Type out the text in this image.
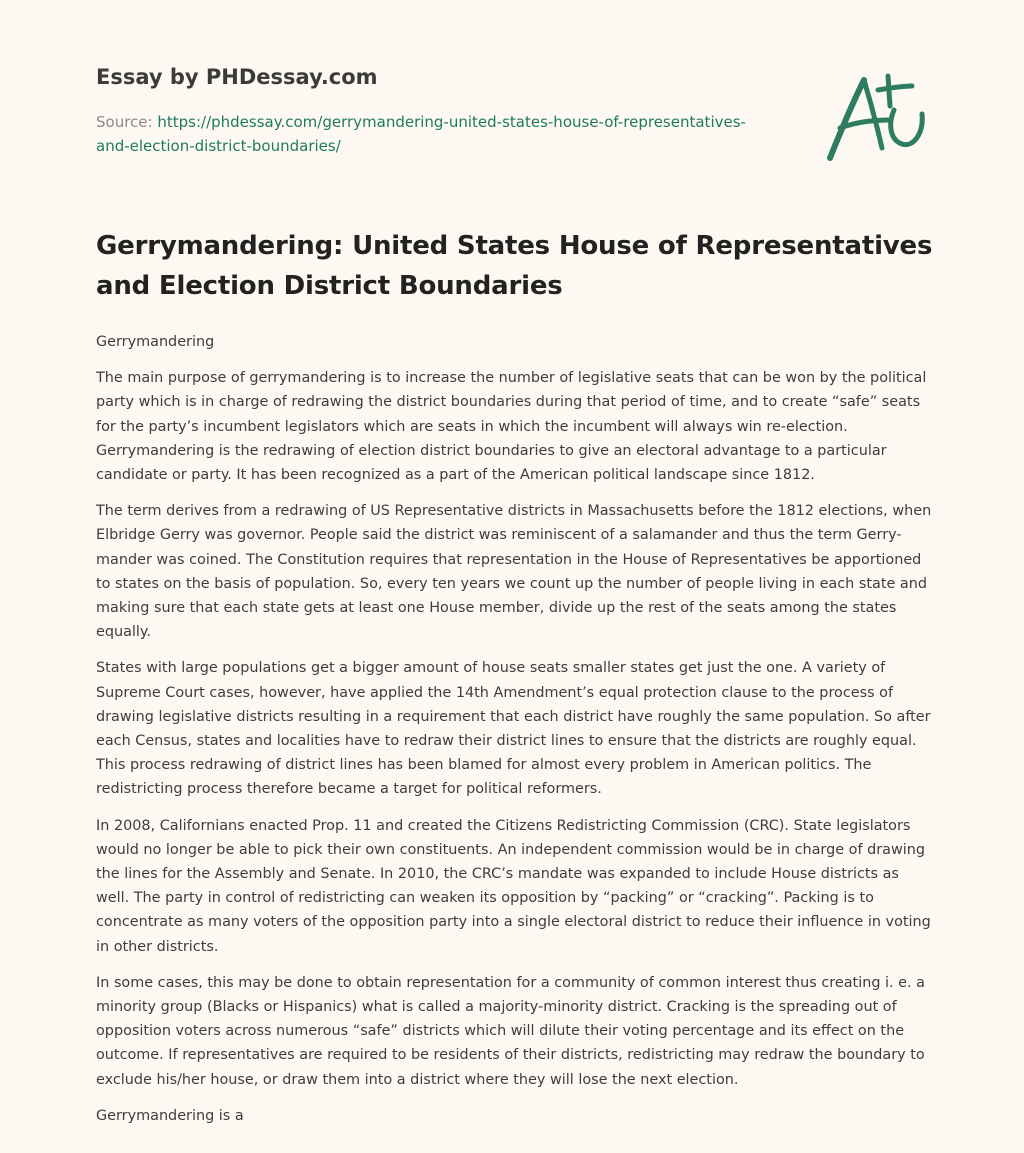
Essay by PHDessay.com
Source: https://phdessay.com/gerrymandering-united-states-house-of-representatives-
and-election-district-boundaries/
Gerrymandering: United States House of Representatives and Election District Boundaries

Gerrymandering

The main purpose of gerrymandering is to increase the number of legislative seats that can be won by the political party which is in charge of redrawing the district boundaries during that period of time, and to create “safe” seats for the party’s incumbent legislators which are seats in which the incumbent will always win re-election. Gerrymandering is the redrawing of election district boundaries to give an electoral advantage to a particular candidate or party. It has been recognized as a part of the American political landscape since 1812.

The term derives from a redrawing of US Representative districts in Massachusetts before the 1812 elections, when Elbridge Gerry was governor. People said the district was reminiscent of a salamander and thus the term Gerry-mander was coined. The Constitution requires that representation in the House of Representatives be apportioned to states on the basis of population. So, every ten years we count up the number of people living in each state and making sure that each state gets at least one House member, divide up the rest of the seats among the states equally.

States with large populations get a bigger amount of house seats smaller states get just the one. A variety of Supreme Court cases, however, have applied the 14th Amendment’s equal protection clause to the process of drawing legislative districts resulting in a requirement that each district have roughly the same population. So after each Census, states and localities have to redraw their district lines to ensure that the districts are roughly equal. This process redrawing of district lines has been blamed for almost every problem in American politics. The redistricting process therefore became a target for political reformers.

In 2008, Californians enacted Prop. 11 and created the Citizens Redistricting Commission (CRC). State legislators would no longer be able to pick their own constituents. An independent commission would be in charge of drawing the lines for the Assembly and Senate. In 2010, the CRC’s mandate was expanded to include House districts as well. The party in control of redistricting can weaken its opposition by “packing” or “cracking”. Packing is to concentrate as many voters of the opposition party into a single electoral district to reduce their influence in voting in other districts.

In some cases, this may be done to obtain representation for a community of common interest thus creating i. e. a minority group (Blacks or Hispanics) what is called a majority-minority district. Cracking is the spreading out of opposition voters across numerous “safe” districts which will dilute their voting percentage and its effect on the outcome. If representatives are required to be residents of their districts, redistricting may redraw the boundary to exclude his/her house, or draw them into a district where they will lose the next election.

Gerrymandering is a
